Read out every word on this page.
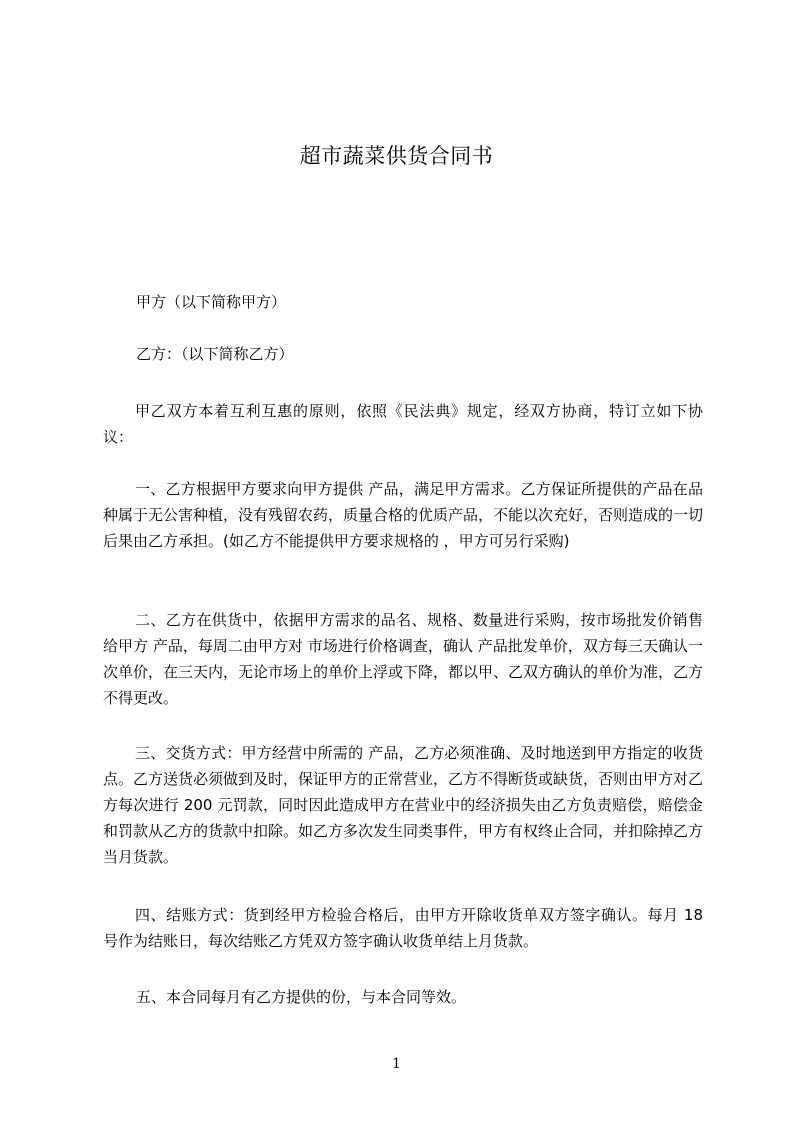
超市蔬菜供货合同书

甲方（以下简称甲方）

乙方：（以下简称乙方）

甲乙双方本着互利互惠的原则，依照《民法典》规定，经双方协商，特订立如下协议：

一、乙方根据甲方要求向甲方提供 产品，满足甲方需求。乙方保证所提供的产品在品种属于无公害种植，没有残留农药，质量合格的优质产品，不能以次充好，否则造成的一切后果由乙方承担。(如乙方不能提供甲方要求规格的 ，甲方可另行采购)

二、乙方在供货中，依据甲方需求的品名、规格、数量进行采购，按市场批发价销售给甲方 产品，每周二由甲方对 市场进行价格调查，确认 产品批发单价，双方每三天确认一次单价，在三天内，无论市场上的单价上浮或下降，都以甲、乙双方确认的单价为准，乙方不得更改。

三、交货方式：甲方经营中所需的 产品，乙方必须准确、及时地送到甲方指定的收货点。乙方送货必须做到及时，保证甲方的正常营业，乙方不得断货或缺货，否则由甲方对乙方每次进行 200 元罚款，同时因此造成甲方在营业中的经济损失由乙方负责赔偿，赔偿金和罚款从乙方的货款中扣除。如乙方多次发生同类事件，甲方有权终止合同，并扣除掉乙方当月货款。

四、结账方式：货到经甲方检验合格后，由甲方开除收货单双方签字确认。每月 18 号作为结账日，每次结账乙方凭双方签字确认收货单结上月货款。

五、本合同每月有乙方提供的份，与本合同等效。

1
